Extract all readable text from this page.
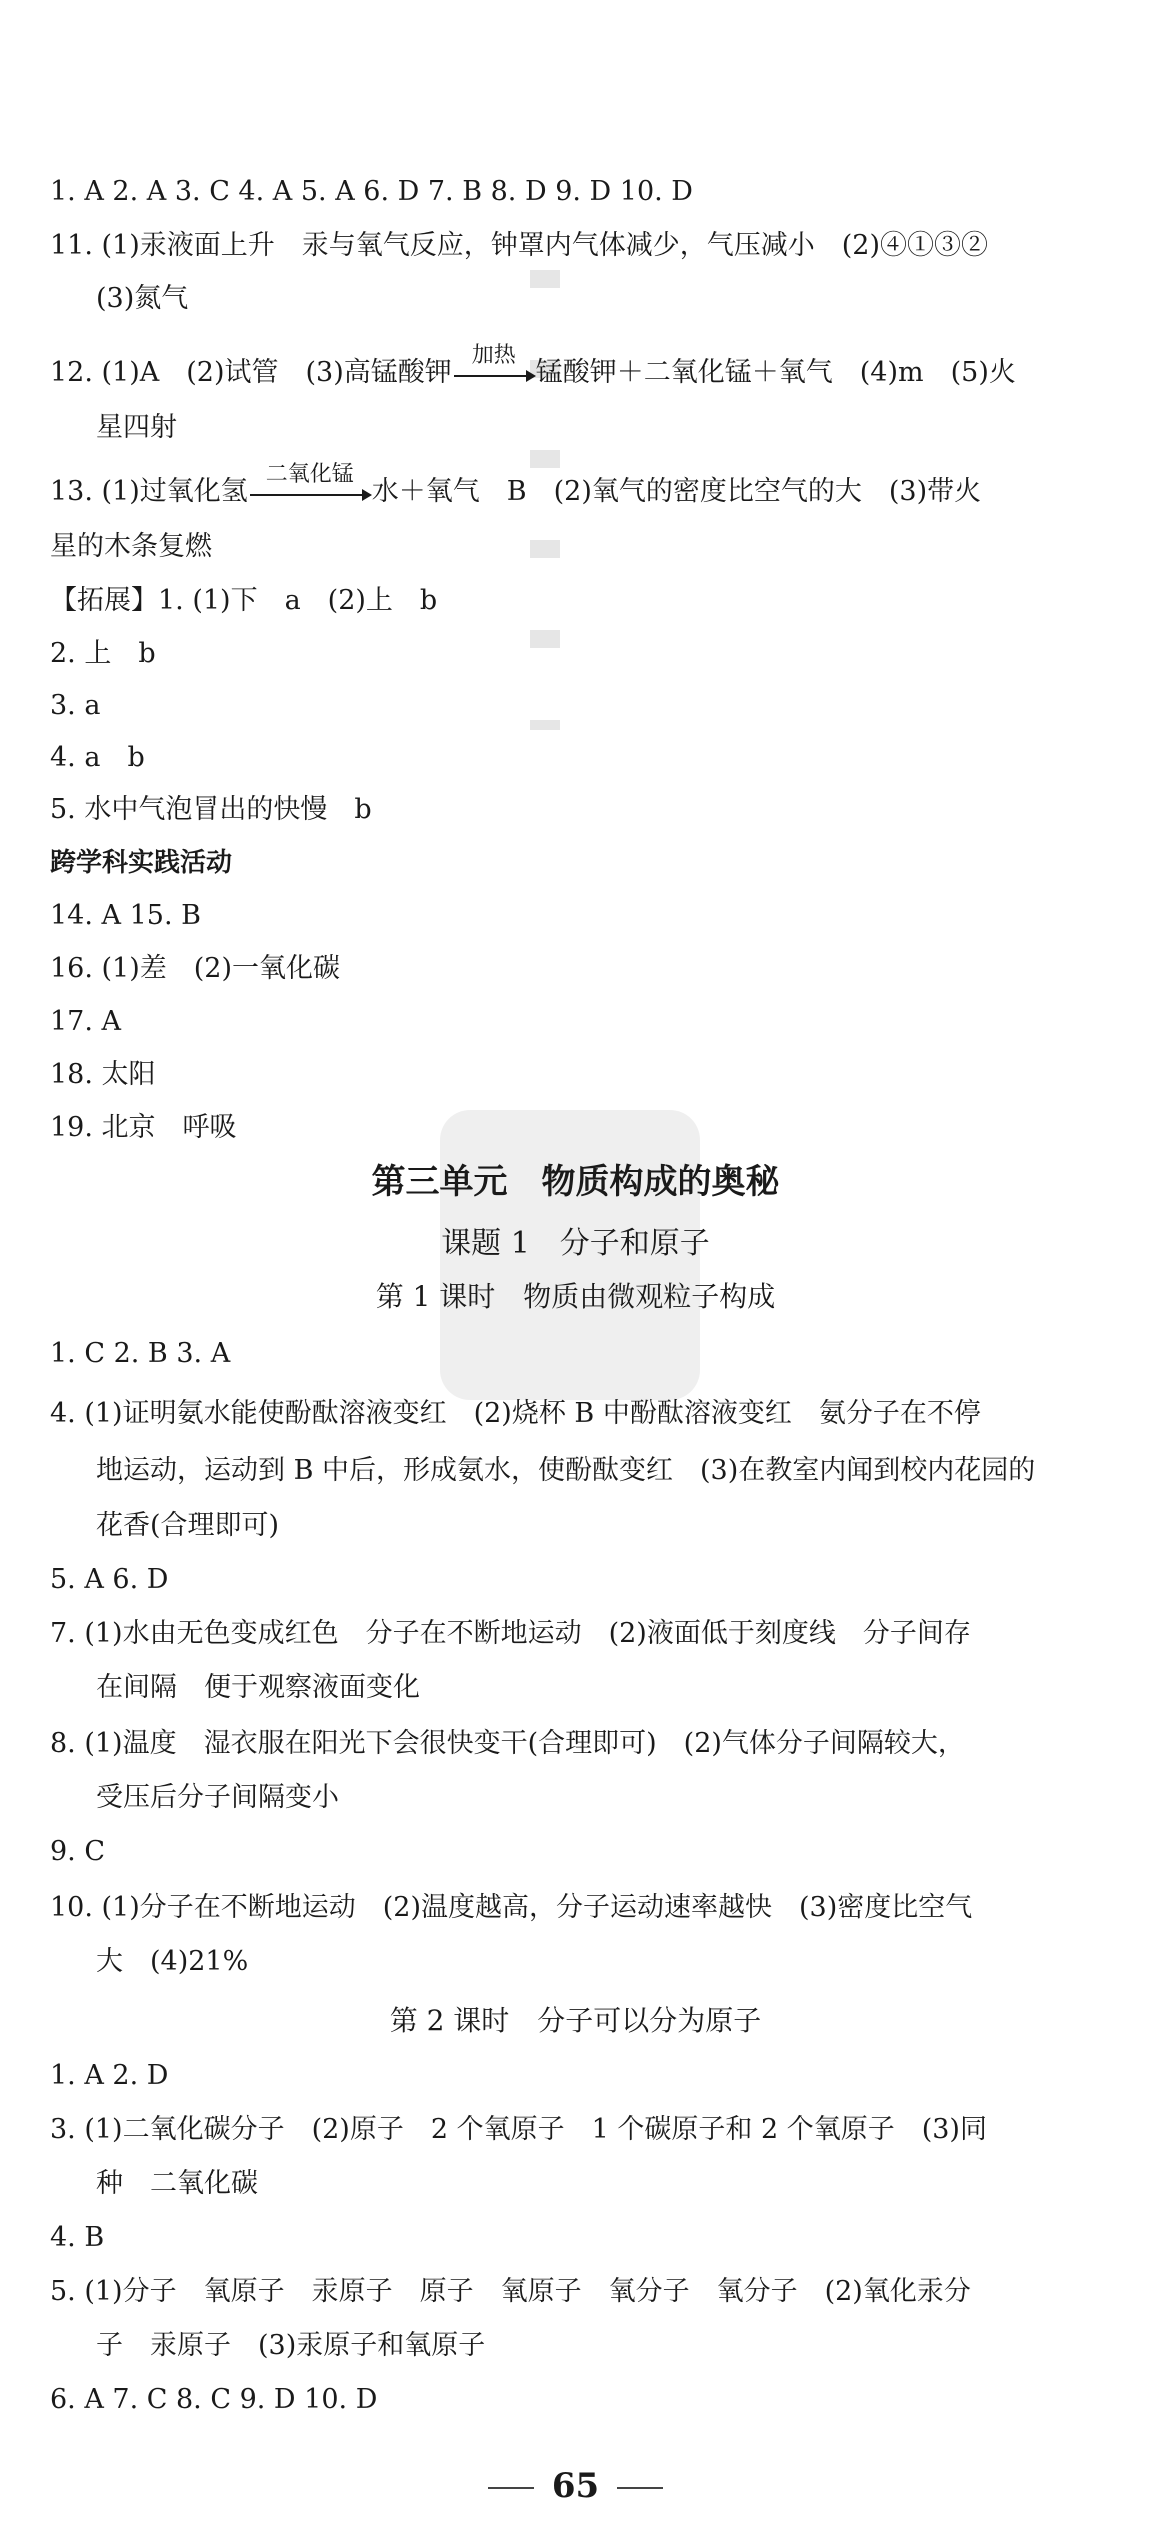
1. A 2. A 3. C 4. A 5. A 6. D 7. B 8. D 9. D 10. D
11. (1)汞液面上升　汞与氧气反应，钟罩内气体减少，气压减小　(2)④①③②
(3)氮气
12. (1)A　(2)试管　(3)高锰酸钾
加热
锰酸钾＋二氧化锰＋氧气　(4)m　(5)火
星四射
13. (1)过氧化氢
二氧化锰
水＋氧气　B　(2)氧气的密度比空气的大　(3)带火
星的木条复燃
【拓展】1. (1)下　a　(2)上　b
2. 上　b
3. a
4. a　b
5. 水中气泡冒出的快慢　b
跨学科实践活动
14. A 15. B
16. (1)差　(2)一氧化碳
17. A
18. 太阳
19. 北京　呼吸
第三单元　物质构成的奥秘
课题 1　分子和原子
第 1 课时　物质由微观粒子构成
1. C 2. B 3. A
4. (1)证明氨水能使酚酞溶液变红　(2)烧杯 B 中酚酞溶液变红　氨分子在不停
地运动，运动到 B 中后，形成氨水，使酚酞变红　(3)在教室内闻到校内花园的
花香(合理即可)
5. A 6. D
7. (1)水由无色变成红色　分子在不断地运动　(2)液面低于刻度线　分子间存
在间隔　便于观察液面变化
8. (1)温度　湿衣服在阳光下会很快变干(合理即可)　(2)气体分子间隔较大，
受压后分子间隔变小
9. C
10. (1)分子在不断地运动　(2)温度越高，分子运动速率越快　(3)密度比空气
大　(4)21%
第 2 课时　分子可以分为原子
1. A 2. D
3. (1)二氧化碳分子　(2)原子　2 个氧原子　1 个碳原子和 2 个氧原子　(3)同
种　二氧化碳
4. B
5. (1)分子　氧原子　汞原子　原子　氧原子　氧分子　氧分子　(2)氧化汞分
子　汞原子　(3)汞原子和氧原子
6. A 7. C 8. C 9. D 10. D
65
